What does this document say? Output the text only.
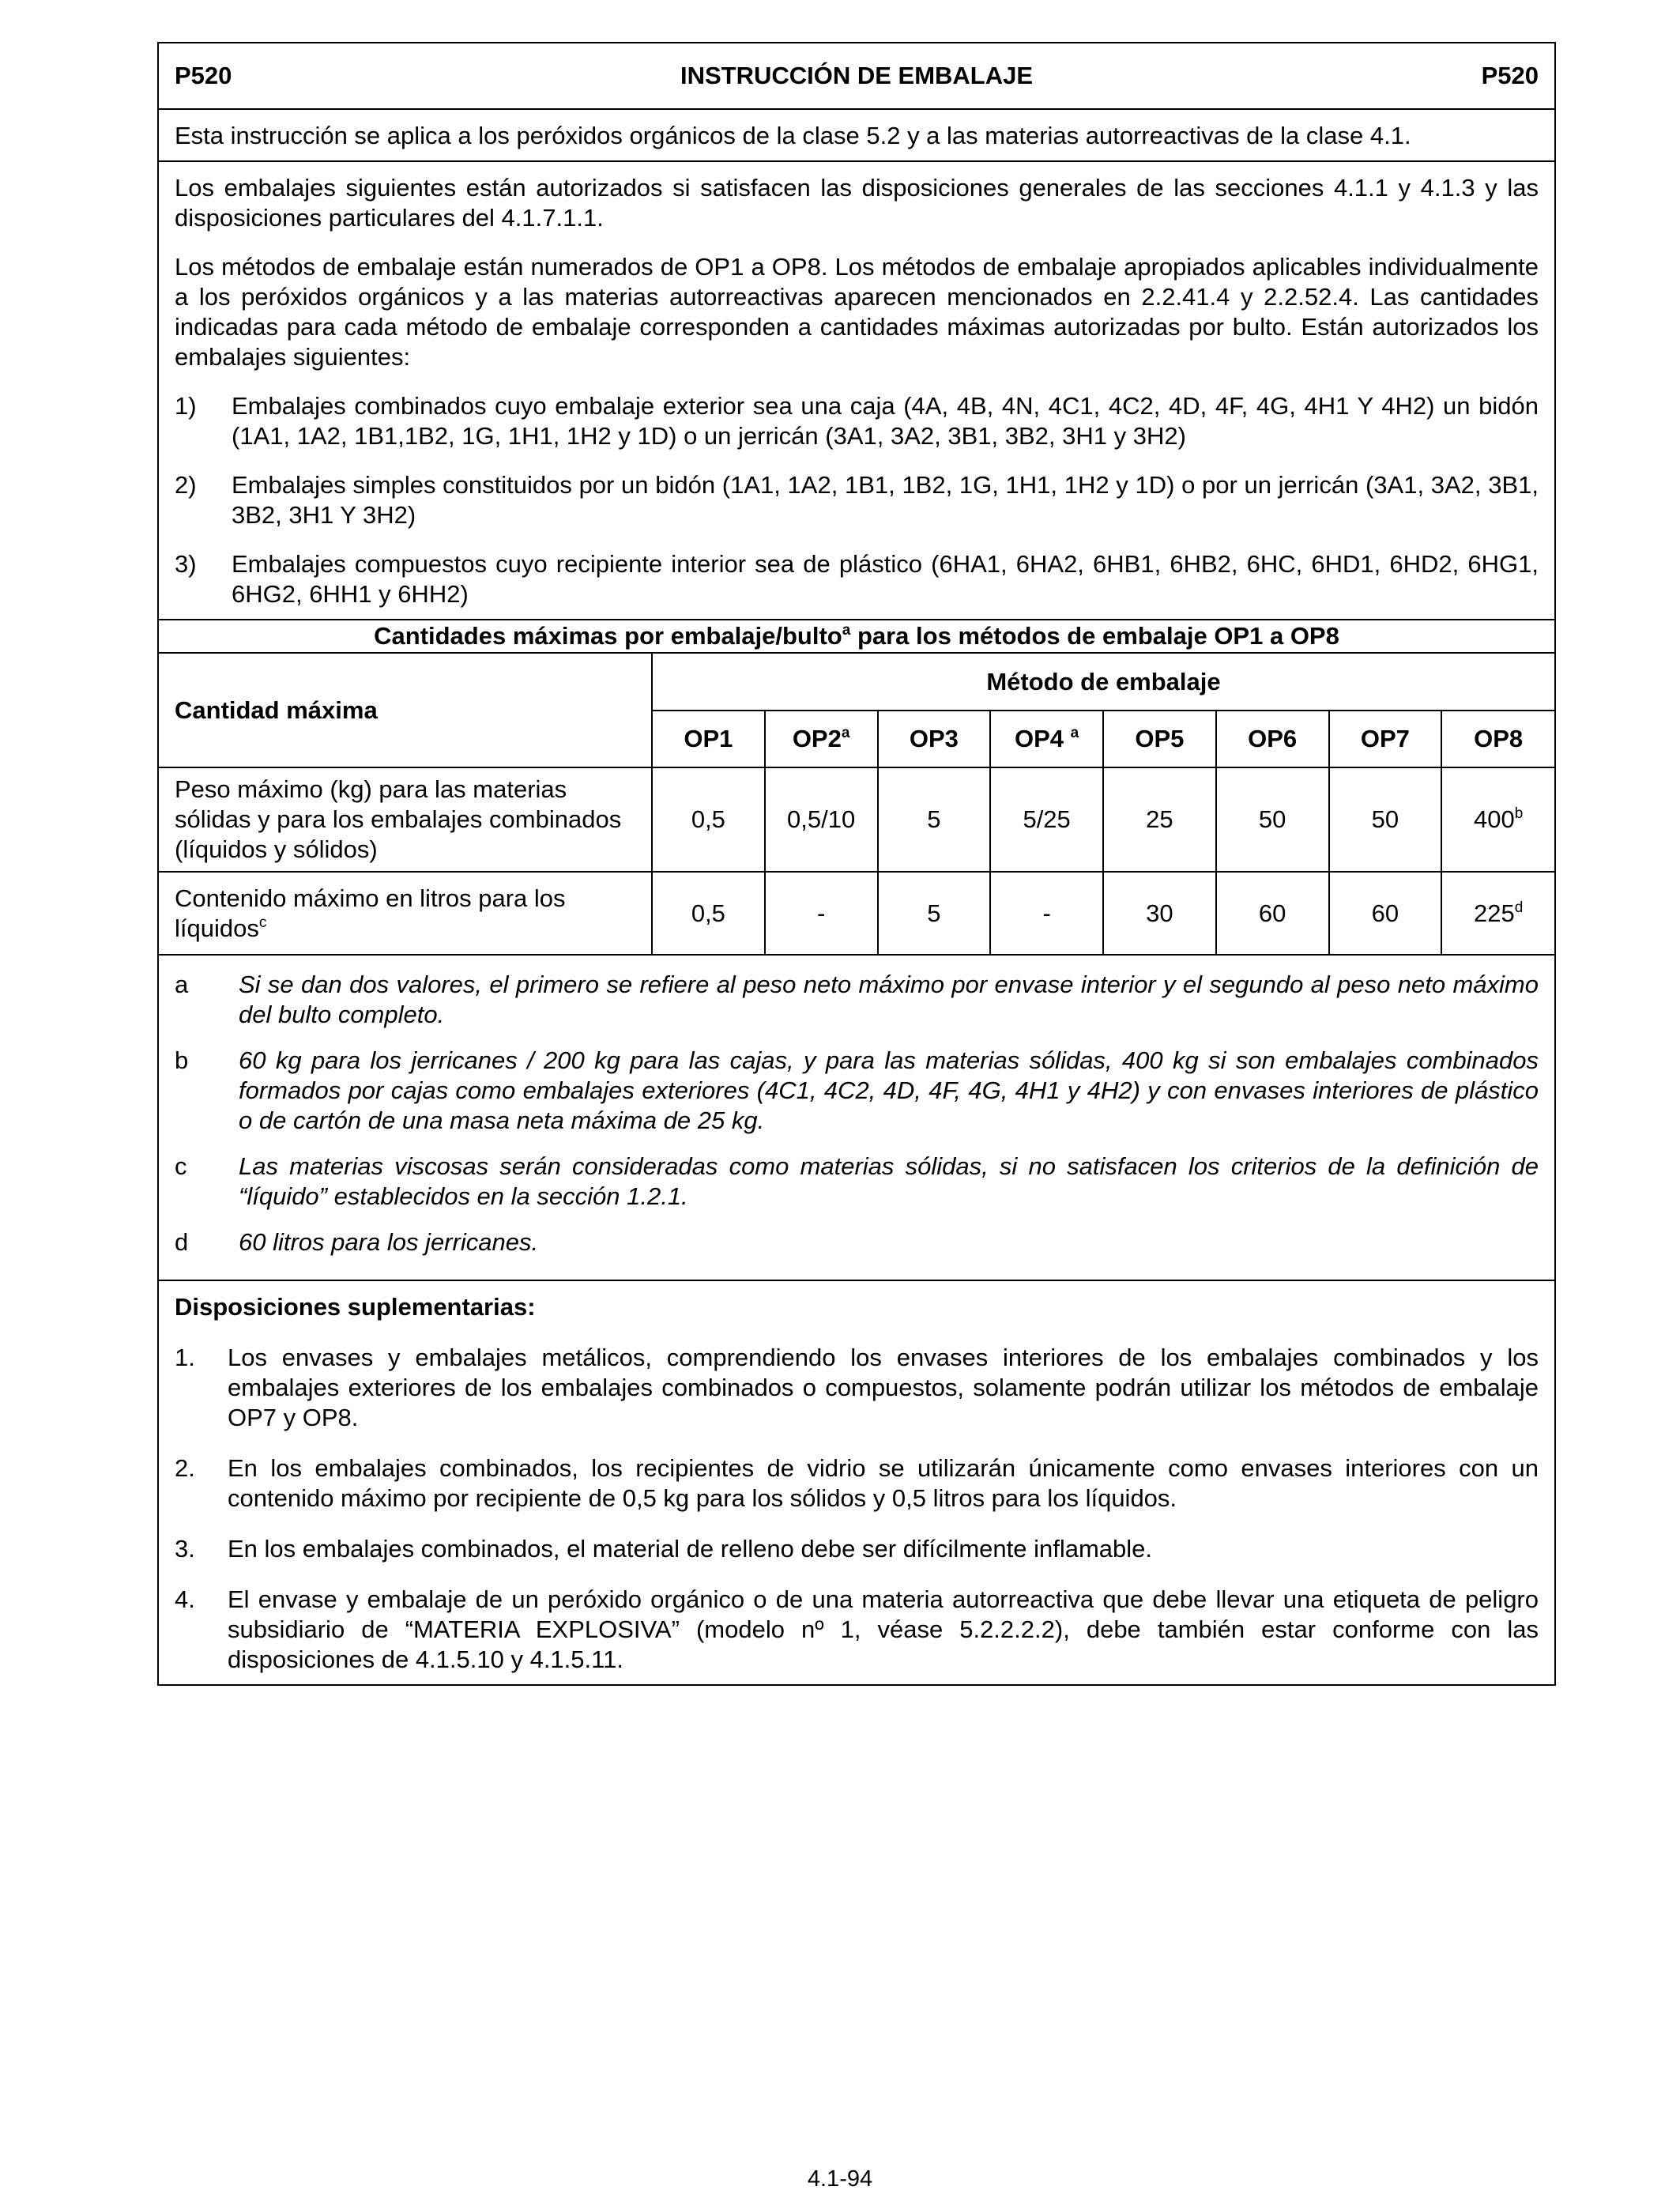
P520	INSTRUCCIÓN DE EMBALAJE	P520

Esta instrucción se aplica a los peróxidos orgánicos de la clase 5.2 y a las materias autorreactivas de la clase 4.1.

Los embalajes siguientes están autorizados si satisfacen las disposiciones generales de las secciones 4.1.1 y 4.1.3 y las disposiciones particulares del 4.1.7.1.1.

Los métodos de embalaje están numerados de OP1 a OP8. Los métodos de embalaje apropiados aplicables individualmente a los peróxidos orgánicos y a las materias autorreactivas aparecen mencionados en 2.2.41.4 y 2.2.52.4. Las cantidades indicadas para cada método de embalaje corresponden a cantidades máximas autorizadas por bulto. Están autorizados los embalajes siguientes:

1)	Embalajes combinados cuyo embalaje exterior sea una caja (4A, 4B, 4N, 4C1, 4C2, 4D, 4F, 4G, 4H1 Y 4H2) un bidón (1A1, 1A2, 1B1,1B2, 1G, 1H1, 1H2 y 1D) o un jerricán (3A1, 3A2, 3B1, 3B2, 3H1 y 3H2)
2)	Embalajes simples constituidos por un bidón (1A1, 1A2, 1B1, 1B2, 1G, 1H1, 1H2 y 1D) o por un jerricán (3A1, 3A2, 3B1, 3B2, 3H1 Y 3H2)
3)	Embalajes compuestos cuyo recipiente interior sea de plástico (6HA1, 6HA2, 6HB1, 6HB2, 6HC, 6HD1, 6HD2, 6HG1, 6HG2, 6HH1 y 6HH2)
Cantidades máximas por embalaje/bulto$^a$ para los métodos de embalaje OP1 a OP8
Cantidad máxima	Método de embalaje							
	OP1	OP2$^a$	OP3	OP4 $^a$	OP5	OP6	OP7	OP8
Peso máximo (kg) para las materias sólidas y para los embalajes combinados (líquidos y sólidos)	0,5	0,5/10	5	5/25	25	50	50	400$^b$
Contenido máximo en litros para los líquidos$^c$	0,5	-	5	-	30	60	60	225$^d$
a	Si se dan dos valores, el primero se refiere al peso neto máximo por envase interior y el segundo al peso neto máximo del bulto completo.
b	60 kg para los jerricanes / 200 kg para las cajas, y para las materias sólidas, 400 kg si son embalajes combinados formados por cajas como embalajes exteriores (4C1, 4C2, 4D, 4F, 4G, 4H1 y 4H2) y con envases interiores de plástico o de cartón de una masa neta máxima de 25 kg.
c	Las materias viscosas serán consideradas como materias sólidas, si no satisfacen los criterios de la definición de “líquido” establecidos en la sección 1.2.1.
d	60 litros para los jerricanes.
Disposiciones suplementarias:
1.	Los envases y embalajes metálicos, comprendiendo los envases interiores de los embalajes combinados y los embalajes exteriores de los embalajes combinados o compuestos, solamente podrán utilizar los métodos de embalaje OP7 y OP8.
2.	En los embalajes combinados, los recipientes de vidrio se utilizarán únicamente como envases interiores con un contenido máximo por recipiente de 0,5 kg para los sólidos y 0,5 litros para los líquidos.
3.	En los embalajes combinados, el material de relleno debe ser difícilmente inflamable.
4.	El envase y embalaje de un peróxido orgánico o de una materia autorreactiva que debe llevar una etiqueta de peligro subsidiario de “MATERIA EXPLOSIVA” (modelo nº 1, véase 5.2.2.2.2), debe también estar conforme con las disposiciones de 4.1.5.10 y 4.1.5.11.
4.1-94
